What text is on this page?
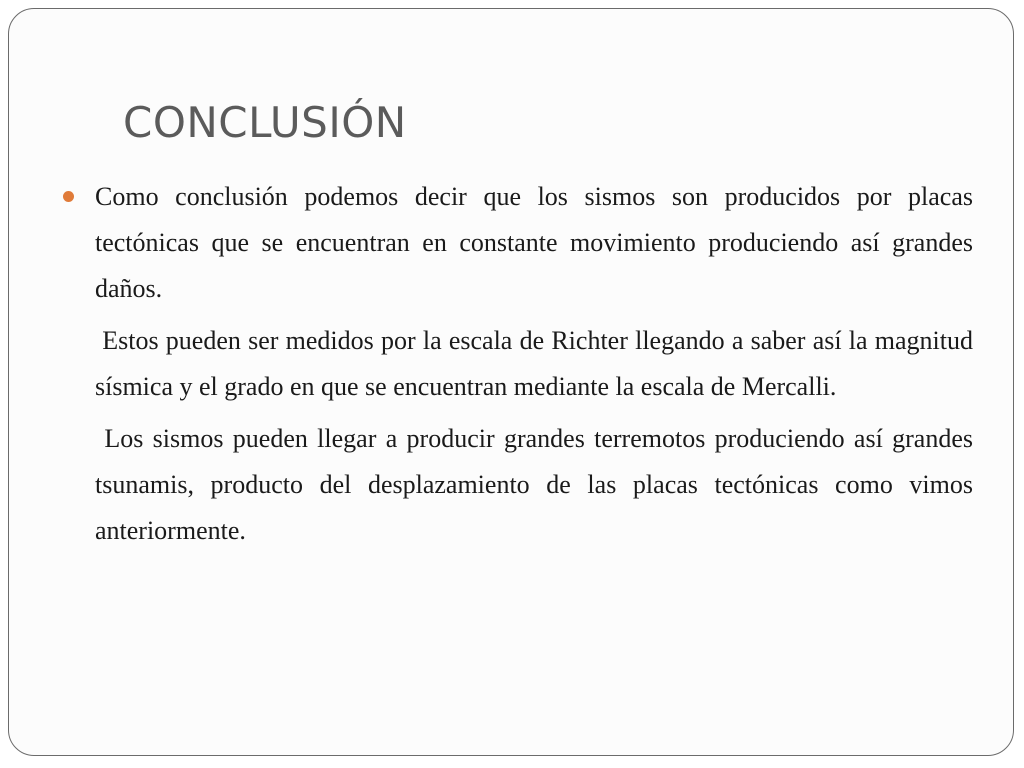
CONCLUSIÓN

Como conclusión podemos decir que los sismos son producidos por placas tectónicas que se encuentran en constante movimiento produciendo así grandes daños.

Estos pueden ser medidos por la escala de Richter llegando a saber así la magnitud sísmica y el grado en que se encuentran mediante la escala de Mercalli.

Los sismos pueden llegar a producir grandes terremotos produciendo así grandes tsunamis, producto del desplazamiento de las placas tectónicas como vimos anteriormente.
